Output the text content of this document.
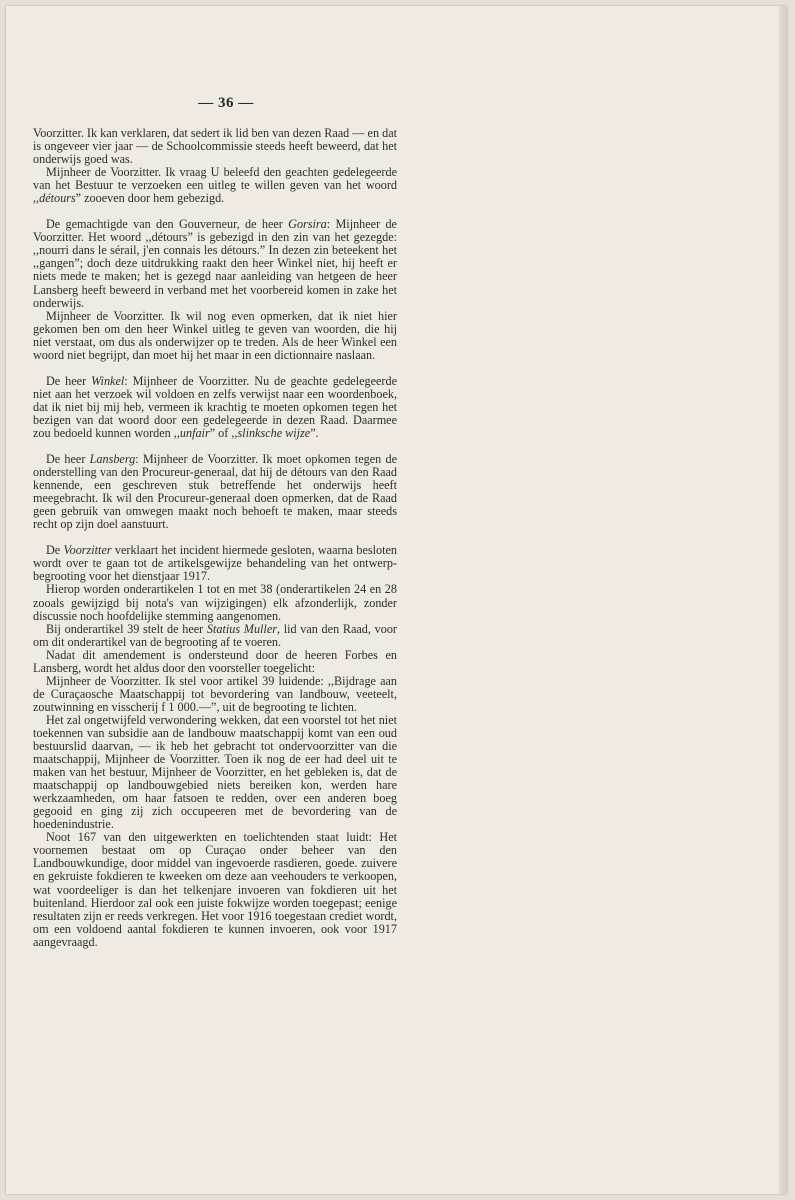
— 36 —

Voorzitter. Ik kan verklaren, dat sedert ik lid ben van dezen Raad — en dat is ongeveer vier jaar — de Schoolcommissie steeds heeft beweerd, dat het onderwijs goed was.

Mijnheer de Voorzitter. Ik vraag U beleefd den geachten gedelegeerde van het Bestuur te verzoeken een uitleg te willen geven van het woord ,,détours” zooeven door hem gebezigd.

De gemachtigde van den Gouverneur, de heer Gorsira: Mijnheer de Voorzitter. Het woord ,,détours” is gebezigd in den zin van het gezegde: ,,nourri dans le sérail, j'en connais les détours.” In dezen zin beteekent het ,,gangen”; doch deze uitdrukking raakt den heer Winkel niet, hij heeft er niets mede te maken; het is gezegd naar aanleiding van hetgeen de heer Lansberg heeft beweerd in verband met het voorbereid komen in zake het onderwijs.

Mijnheer de Voorzitter. Ik wil nog even opmerken, dat ik niet hier gekomen ben om den heer Winkel uitleg te geven van woorden, die hij niet verstaat, om dus als onderwijzer op te treden. Als de heer Winkel een woord niet begrijpt, dan moet hij het maar in een dictionnaire naslaan.

De heer Winkel: Mijnheer de Voorzitter. Nu de geachte gedelegeerde niet aan het verzoek wil voldoen en zelfs verwijst naar een woordenboek, dat ik niet bij mij heb, vermeen ik krachtig te moeten opkomen tegen het bezigen van dat woord door een gedelegeerde in dezen Raad. Daarmee zou bedoeld kunnen worden ,,unfair” of ,,slinksche wijze”.

De heer Lansberg: Mijnheer de Voorzitter. Ik moet opkomen tegen de onderstelling van den Procureur-generaal, dat hij de détours van den Raad kennende, een geschreven stuk betreffende het onderwijs heeft meegebracht. Ik wil den Procureur-generaal doen opmerken, dat de Raad geen gebruik van omwegen maakt noch behoeft te maken, maar steeds recht op zijn doel aanstuurt.

De Voorzitter verklaart het incident hiermede gesloten, waarna besloten wordt over te gaan tot de artikelsgewijze behandeling van het ontwerp-begrooting voor het dienstjaar 1917.

Hierop worden onderartikelen 1 tot en met 38 (onderartikelen 24 en 28 zooals gewijzigd bij nota's van wijzigingen) elk afzonderlijk, zonder discussie noch hoofdelijke stemming aangenomen.

Bij onderartikel 39 stelt de heer Statius Muller, lid van den Raad, voor om dit onderartikel van de begrooting af te voeren.

Nadat dit amendement is ondersteund door de heeren Forbes en Lansberg, wordt het aldus door den voorsteller toegelicht:

Mijnheer de Voorzitter. Ik stel voor artikel 39 luidende: ,,Bijdrage aan de Curaçaosche Maatschappij tot bevordering van landbouw, veeteelt, zoutwinning en visscherij f 1 000.—”, uit de begrooting te lichten.

Het zal ongetwijfeld verwondering wekken, dat een voorstel tot het niet toekennen van subsidie aan de landbouw maatschappij komt van een oud bestuurslid daarvan, — ik heb het gebracht tot ondervoorzitter van die maatschappij, Mijnheer de Voorzitter. Toen ik nog de eer had deel uit te maken van het bestuur, Mijnheer de Voorzitter, en het gebleken is, dat de maatschappij op landbouwgebied niets bereiken kon, werden hare werkzaamheden, om haar fatsoen te redden, over een anderen boeg gegooid en ging zij zich occupeeren met de bevordering van de hoedenindustrie.

Noot 167 van den uitgewerkten en toelichtenden staat luidt: Het voornemen bestaat om op Curaçao onder beheer van den Landbouwkundige, door middel van ingevoerde rasdieren, goede. zuivere en gekruiste fokdieren te kweeken om deze aan veehouders te verkoopen, wat voordeeliger is dan het telkenjare invoeren van fokdieren uit het buitenland. Hierdoor zal ook een juiste fokwijze worden toegepast; eenige resultaten zijn er reeds verkregen. Het voor 1916 toegestaan crediet wordt, om een voldoend aantal fokdieren te kunnen invoeren, ook voor 1917 aangevraagd.
